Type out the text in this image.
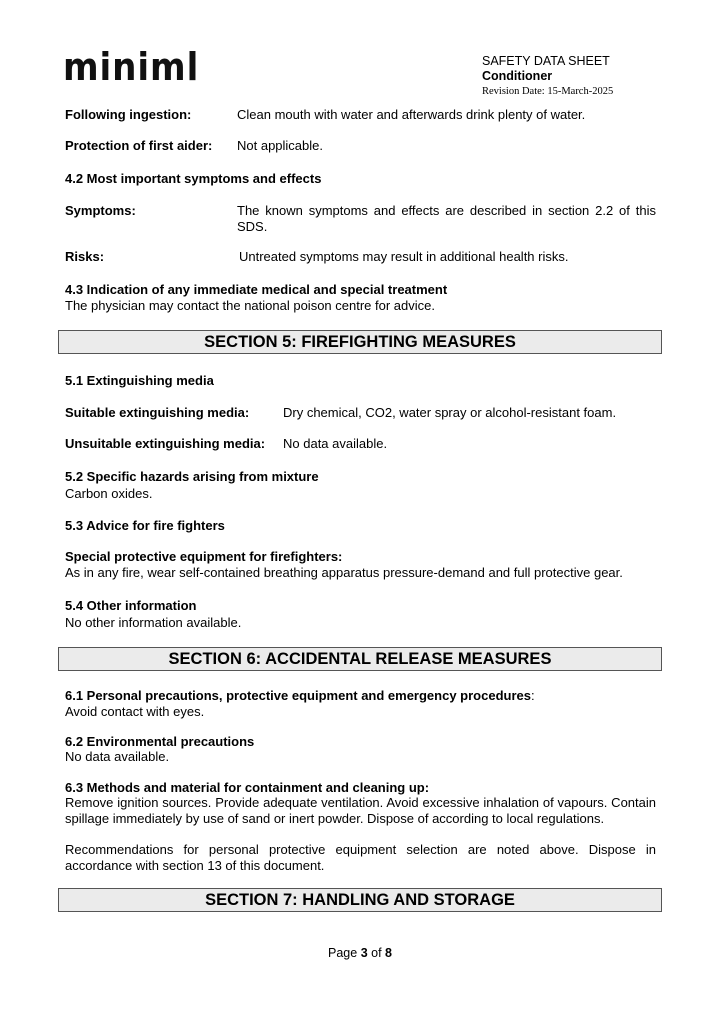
miniml	SAFETY DATA SHEET
Conditioner
Revision Date: 15-March-2025
Following ingestion:	Clean mouth with water and afterwards drink plenty of water.
Protection of first aider: Not applicable.
4.2 Most important symptoms and effects
Symptoms:	The known symptoms and effects are described in section 2.2 of this SDS.
Risks:	Untreated symptoms may result in additional health risks.
4.3 Indication of any immediate medical and special treatment
The physician may contact the national poison centre for advice.
SECTION 5: FIREFIGHTING MEASURES
5.1 Extinguishing media
Suitable extinguishing media:	Dry chemical, CO2, water spray or alcohol-resistant foam.
Unsuitable extinguishing media: No data available.
5.2 Specific hazards arising from mixture
Carbon oxides.
5.3 Advice for fire fighters
Special protective equipment for firefighters:
As in any fire, wear self-contained breathing apparatus pressure-demand and full protective gear.
5.4 Other information
No other information available.
SECTION 6: ACCIDENTAL RELEASE MEASURES
6.1 Personal precautions, protective equipment and emergency procedures:
Avoid contact with eyes.
6.2 Environmental precautions
No data available.
6.3 Methods and material for containment and cleaning up:
Remove ignition sources. Provide adequate ventilation. Avoid excessive inhalation of vapours. Contain spillage immediately by use of sand or inert powder. Dispose of according to local regulations.
Recommendations for personal protective equipment selection are noted above. Dispose in accordance with section 13 of this document.
SECTION 7: HANDLING AND STORAGE
Page 3 of 8
